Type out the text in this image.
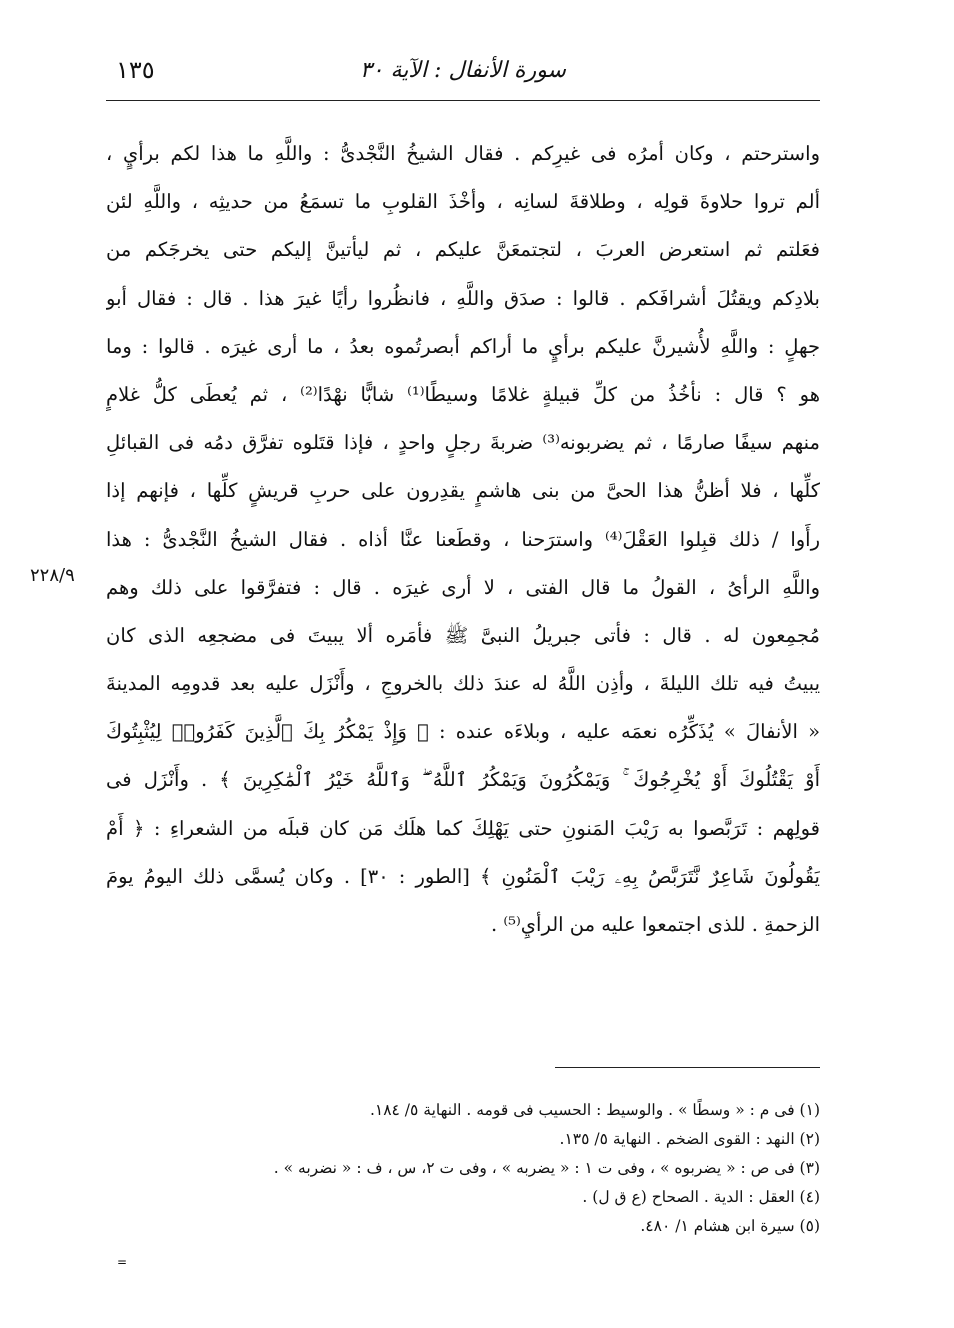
سورة الأنفال : الآية ٣٠
١٣٥
٢٢٨/٩
واسترحتم ، وكان أمرُه فى غيرِكم . فقال الشيخُ النَّجْدىُّ : واللَّهِ ما هذا لكم برأيٍ ،
ألم تروا حلاوةَ قولِه ، وطلاقةَ لسانِه ، وأخْذَ القلوبِ ما تسمَعُ من حديثِه ، واللَّهِ لئن
فعَلتم ثم استعرض العربَ ، لتجتمعَنَّ عليكم ، ثم ليأتينَّ إليكم حتى يخرجَكم من
بلادِكم ويقتُلَ أشرافَكم . قالوا : صدَق واللَّهِ ، فانظُروا رأيًا غيرَ هذا . قال : فقال أبو
جهلٍ : واللَّهِ لأُشيرنَّ عليكم برأيٍ ما أراكم أبصرتُموه بعدُ ، ما أرى غيرَه . قالوا : وما
هو ؟ قال : نأخُذُ من كلِّ قبيلةٍ غلامًا وسيطًا⁽¹⁾ شابًّا نهْدًا⁽²⁾ ، ثم يُعطَى كلُّ غلامٍ
منهم سيفًا صارمًا ، ثم يضربونه⁽³⁾ ضربةَ رجلٍ واحدٍ ، فإذا قتَلوه تفرَّق دمُه فى القبائلِ
كلِّها ، فلا أظنُّ هذا الحىَّ من بنى هاشمٍ يقدِرون على حربِ قريشٍ كلِّها ، فإنهم إذا
رأَوا / ذلك قبِلوا العَقْلَ⁽⁴⁾ واسترَحنا ، وقطَعنا عنَّا أذاه . فقال الشيخُ النَّجْدىُّ : هذا
واللَّهِ الرأىُ ، القولُ ما قال الفتى ، لا أرى غيرَه . قال : فتفرَّقوا على ذلك وهم
مُجمِعون له . قال : فأتى جبريلُ النبىَّ ﷺ فأمَره ألا يبيتَ فى مضجعِه الذى كان
يبيتُ فيه تلك الليلةَ ، وأذِن اللَّهُ له عندَ ذلك بالخروجِ ، وأَنْزَل عليه بعد قدومِه المدينةَ
« الأنفالَ » يُذَكِّرُه نعمَه عليه ، وبلاءَه عنده : ﴿ وَإِذْ يَمْكُرُ بِكَ ٱلَّذِينَ كَفَرُوا۟ لِيُثْبِتُوكَ
أَوْ يَقْتُلُوكَ أَوْ يُخْرِجُوكَ ۚ وَيَمْكُرُونَ وَيَمْكُرُ ٱللَّهُ ۖ وَٱللَّهُ خَيْرُ ٱلْمَٰكِرِينَ ﴾ . وأَنْزَل فى
قولِهم : تَرَبَّصوا به رَيْبَ المَنونِ حتى يَهْلِكَ كما هلَك مَن كان قبلَه من الشعراءِ : ﴿ أَمْ
يَقُولُونَ شَاعِرٌ نَّتَرَبَّصُ بِهِۦ رَيْبَ ٱلْمَنُونِ ﴾ [الطور : ٣٠] . وكان يُسمَّى ذلك اليومُ يومَ
الزحمةِ . للذى اجتمعوا عليه من الرأيِ⁽⁵⁾ .
(١) فى م : « وسطًا » . والوسيط : الحسيب فى قومه . النهاية ٥/ ١٨٤.
(٢) النهد : القوى الضخم . النهاية ٥/ ١٣٥.
(٣) فى ص : « يضربوه » ، وفى ت ١ : « يضربه » ، وفى ت ٢، س ، ف : « نضربه » .
(٤) العقل : الدية . الصحاح (ع ق ل) .
(٥) سيرة ابن هشام ١/ ٤٨٠.
=
